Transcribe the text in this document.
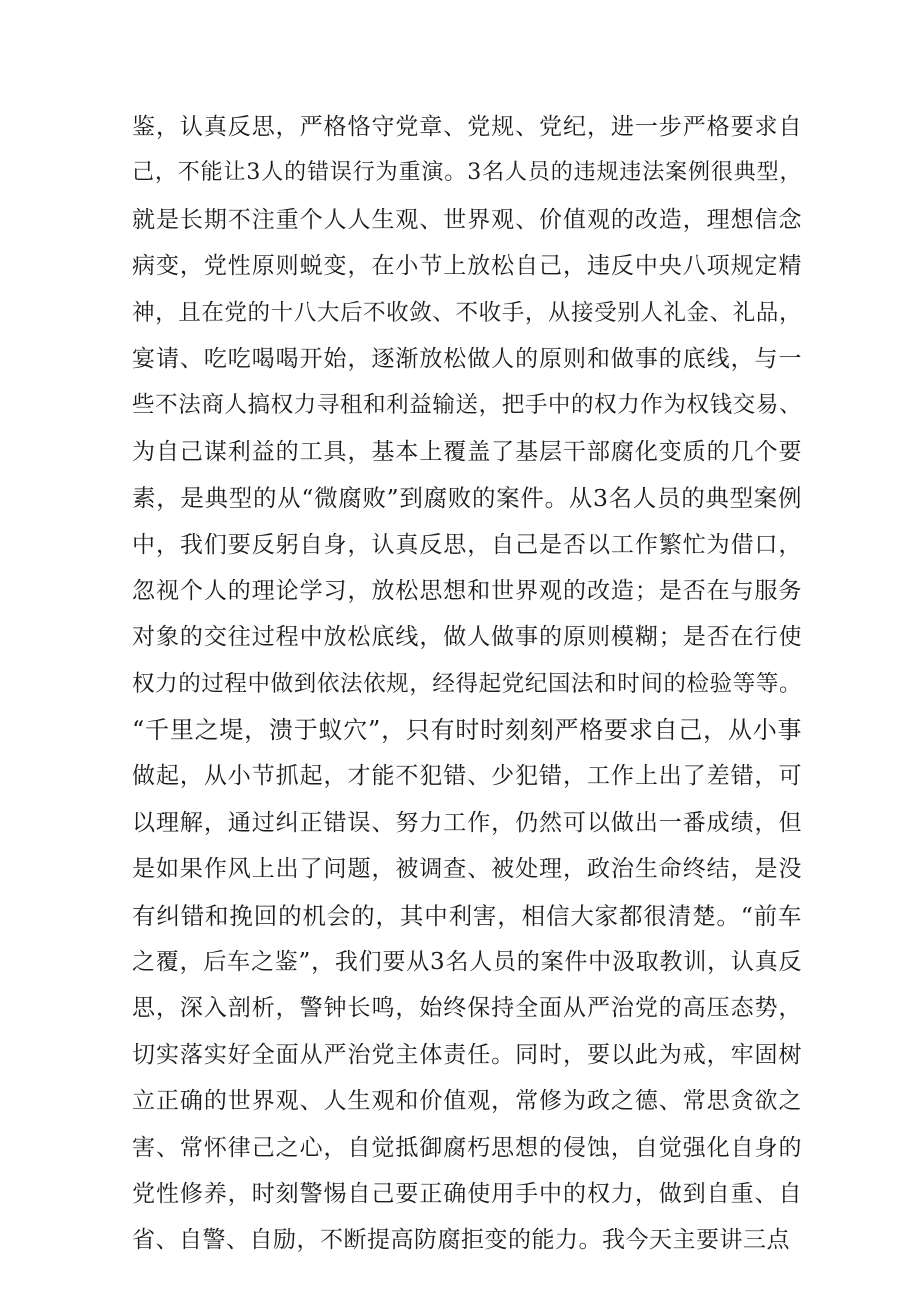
鉴，认真反思，严格恪守党章、党规、党纪，进一步严格要求自
己，不能让3人的错误行为重演。3名人员的违规违法案例很典型，
就是长期不注重个人人生观、世界观、价值观的改造，理想信念
病变，党性原则蜕变，在小节上放松自己，违反中央八项规定精
神，且在党的十八大后不收敛、不收手，从接受别人礼金、礼品，
宴请、吃吃喝喝开始，逐渐放松做人的原则和做事的底线，与一
些不法商人搞权力寻租和利益输送，把手中的权力作为权钱交易、
为自己谋利益的工具，基本上覆盖了基层干部腐化变质的几个要
素，是典型的从“微腐败”到腐败的案件。从3名人员的典型案例
中，我们要反躬自身，认真反思，自己是否以工作繁忙为借口，
忽视个人的理论学习，放松思想和世界观的改造；是否在与服务
对象的交往过程中放松底线，做人做事的原则模糊；是否在行使
权力的过程中做到依法依规，经得起党纪国法和时间的检验等等。
“千里之堤，溃于蚁穴”，只有时时刻刻严格要求自己，从小事
做起，从小节抓起，才能不犯错、少犯错，工作上出了差错，可
以理解，通过纠正错误、努力工作，仍然可以做出一番成绩，但
是如果作风上出了问题，被调查、被处理，政治生命终结，是没
有纠错和挽回的机会的，其中利害，相信大家都很清楚。“前车
之覆，后车之鉴”，我们要从3名人员的案件中汲取教训，认真反
思，深入剖析，警钟长鸣，始终保持全面从严治党的高压态势，
切实落实好全面从严治党主体责任。同时，要以此为戒，牢固树
立正确的世界观、人生观和价值观，常修为政之德、常思贪欲之
害、常怀律己之心，自觉抵御腐朽思想的侵蚀，自觉强化自身的
党性修养，时刻警惕自己要正确使用手中的权力，做到自重、自
省、自警、自励，不断提高防腐拒变的能力。我今天主要讲三点
